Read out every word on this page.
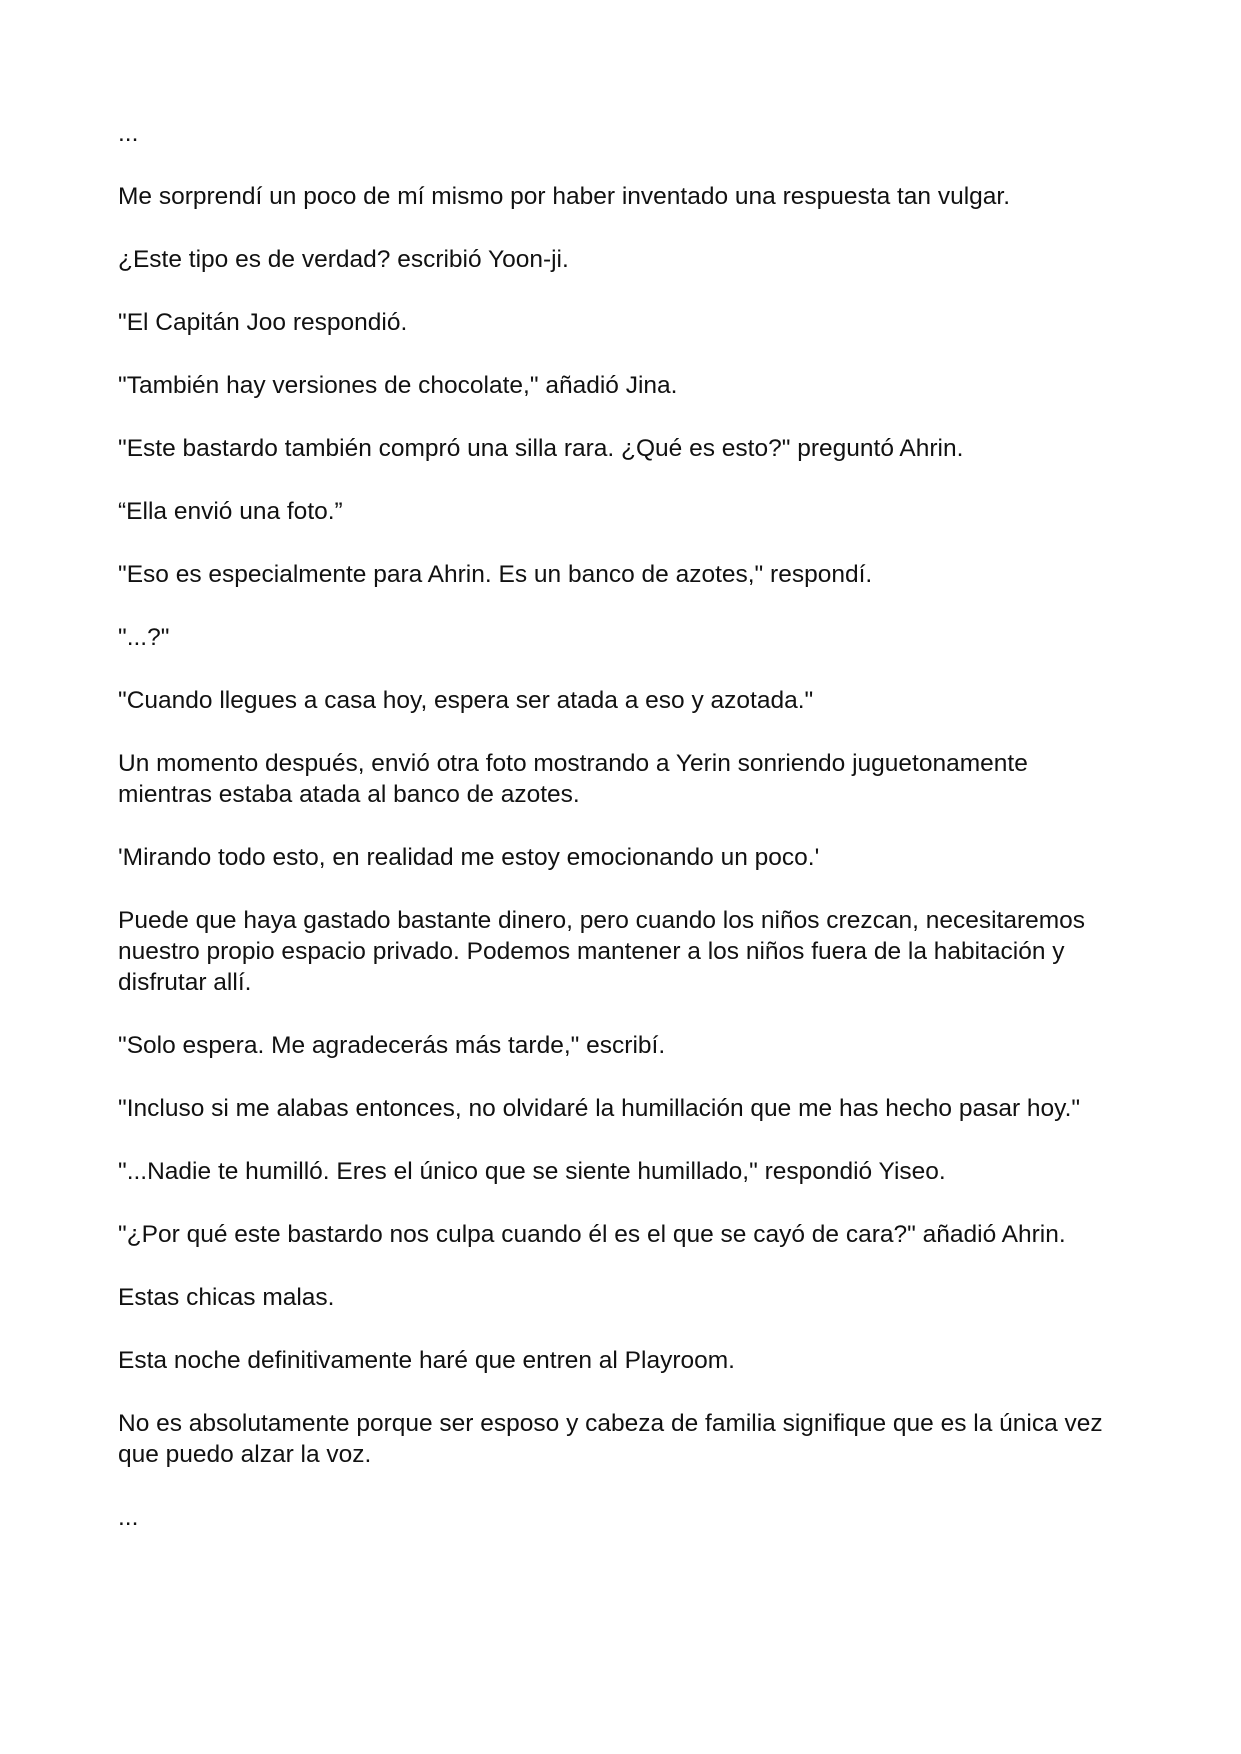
...

Me sorprendí un poco de mí mismo por haber inventado una respuesta tan vulgar.

¿Este tipo es de verdad? escribió Yoon-ji.

"El Capitán Joo respondió.

"También hay versiones de chocolate," añadió Jina.

"Este bastardo también compró una silla rara. ¿Qué es esto?" preguntó Ahrin.

“Ella envió una foto.”

"Eso es especialmente para Ahrin. Es un banco de azotes," respondí.

"...?"

"Cuando llegues a casa hoy, espera ser atada a eso y azotada."

Un momento después, envió otra foto mostrando a Yerin sonriendo juguetonamente mientras estaba atada al banco de azotes.

'Mirando todo esto, en realidad me estoy emocionando un poco.'

Puede que haya gastado bastante dinero, pero cuando los niños crezcan, necesitaremos nuestro propio espacio privado. Podemos mantener a los niños fuera de la habitación y disfrutar allí.

"Solo espera. Me agradecerás más tarde," escribí.

"Incluso si me alabas entonces, no olvidaré la humillación que me has hecho pasar hoy."

"...Nadie te humilló. Eres el único que se siente humillado," respondió Yiseo.

"¿Por qué este bastardo nos culpa cuando él es el que se cayó de cara?" añadió Ahrin.

Estas chicas malas.

Esta noche definitivamente haré que entren al Playroom.

No es absolutamente porque ser esposo y cabeza de familia signifique que es la única vez que puedo alzar la voz.

...
